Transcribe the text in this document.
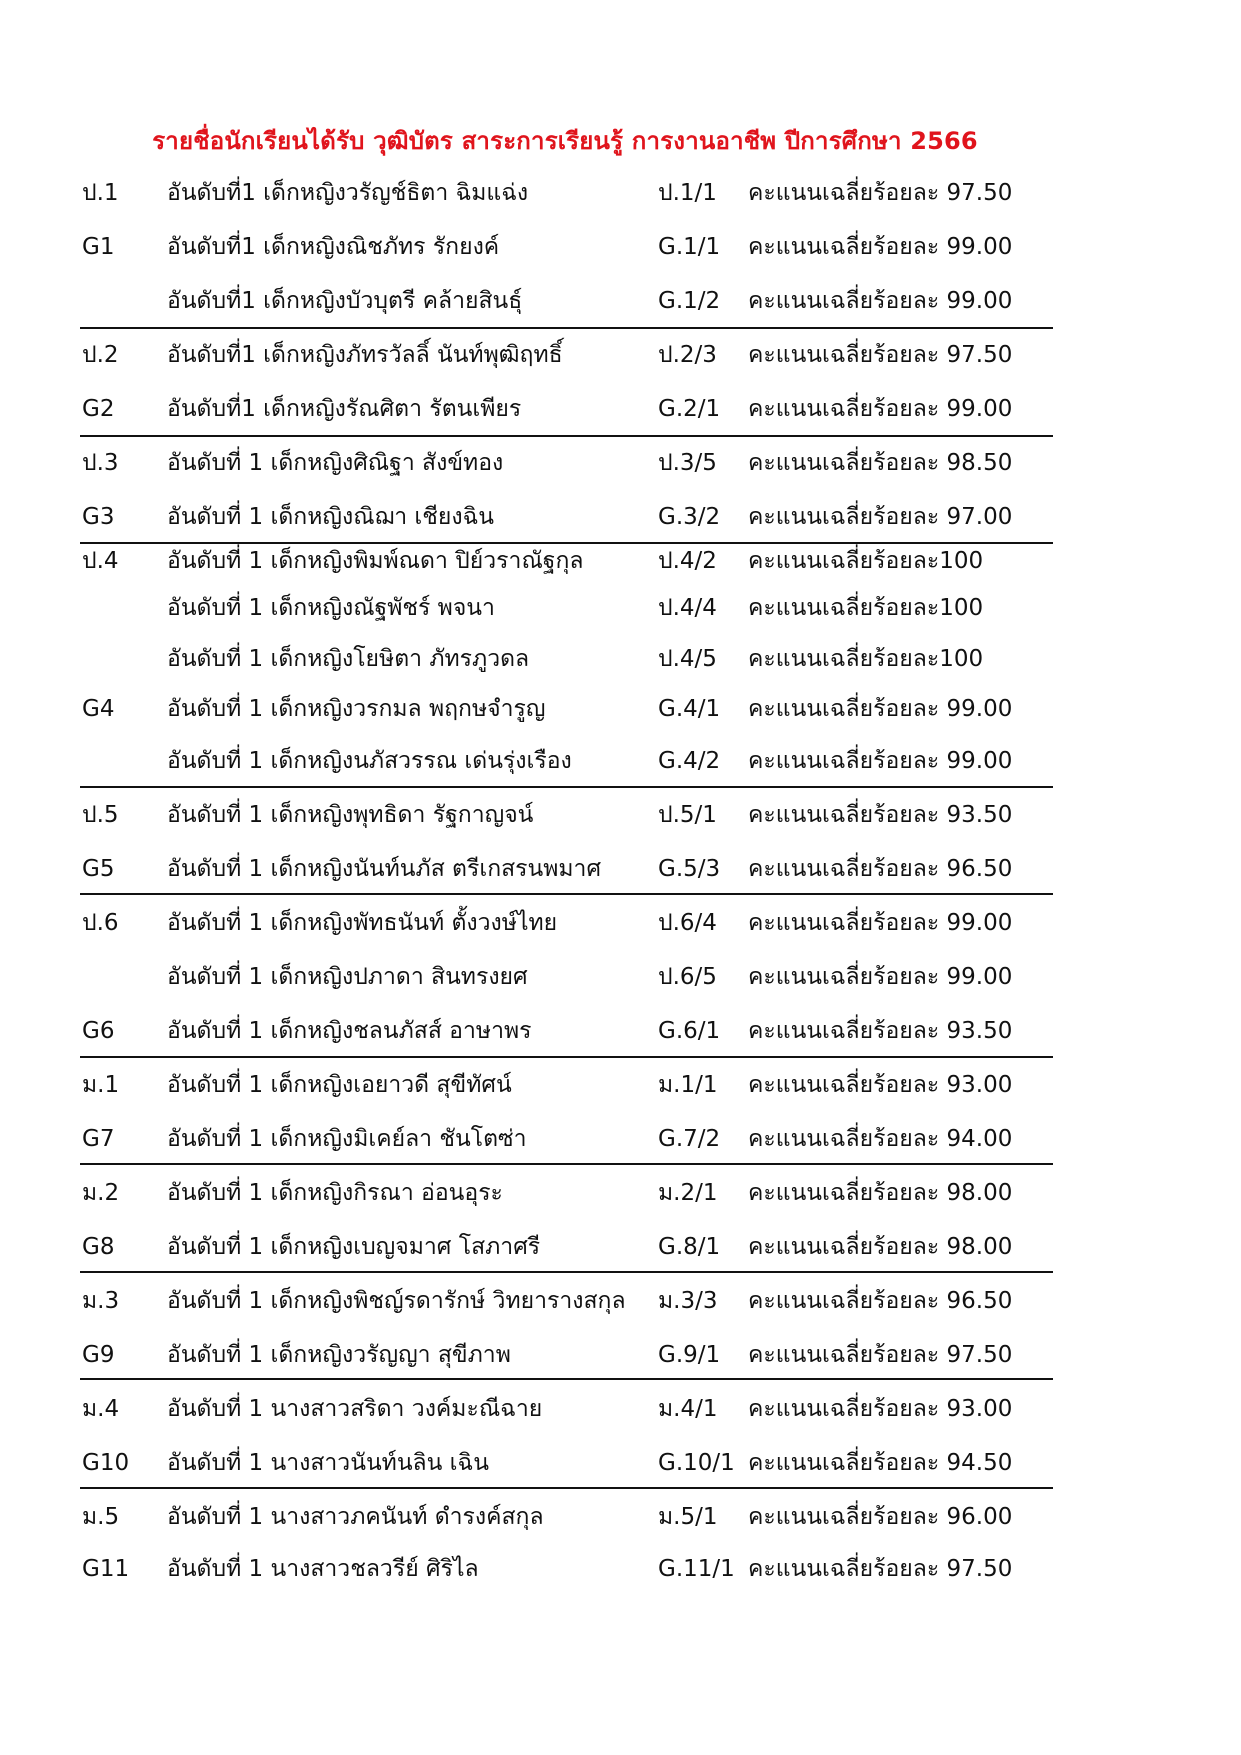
รายชื่อนักเรียนได้รับ วุฒิบัตร สาระการเรียนรู้ การงานอาชีพ ปีการศึกษา 2566
ป.1 อันดับที่1 เด็กหญิงวรัญช์ธิตา ฉิมแฉ่ง	ป.1/1 คะแนนเฉลี่ยร้อยละ 97.50
G1 อันดับที่1 เด็กหญิงณิชภัทร รักยงค์	G.1/1 คะแนนเฉลี่ยร้อยละ 99.00
อันดับที่1 เด็กหญิงบัวบุตรี คล้ายสินธุ์	G.1/2 คะแนนเฉลี่ยร้อยละ 99.00
ป.2 อันดับที่1 เด็กหญิงภัทรวัลลิ์ นันท์พุฒิฤทธิ์	ป.2/3 คะแนนเฉลี่ยร้อยละ 97.50
G2 อันดับที่1 เด็กหญิงรัณศิตา รัตนเพียร	G.2/1 คะแนนเฉลี่ยร้อยละ 99.00
ป.3 อันดับที่ 1 เด็กหญิงศิณิฐา สังข์ทอง	ป.3/5 คะแนนเฉลี่ยร้อยละ 98.50
G3 อันดับที่ 1 เด็กหญิงณิฌา เชียงฉิน	G.3/2 คะแนนเฉลี่ยร้อยละ 97.00
ป.4 อันดับที่ 1 เด็กหญิงพิมพ์ณดา ปิย์วราณัฐกุล	ป.4/2 คะแนนเฉลี่ยร้อยละ100
อันดับที่ 1 เด็กหญิงณัฐพัชร์ พจนา	ป.4/4 คะแนนเฉลี่ยร้อยละ100
อันดับที่ 1 เด็กหญิงโยษิตา ภัทรภูวดล	ป.4/5 คะแนนเฉลี่ยร้อยละ100
G4 อันดับที่ 1 เด็กหญิงวรกมล พฤกษจำรูญ	G.4/1 คะแนนเฉลี่ยร้อยละ 99.00
อันดับที่ 1 เด็กหญิงนภัสวรรณ เด่นรุ่งเรือง	G.4/2 คะแนนเฉลี่ยร้อยละ 99.00
ป.5 อันดับที่ 1 เด็กหญิงพุทธิดา รัฐกาญจน์	ป.5/1 คะแนนเฉลี่ยร้อยละ 93.50
G5 อันดับที่ 1 เด็กหญิงนันท์นภัส ตรีเกสรนพมาศ G.5/3 คะแนนเฉลี่ยร้อยละ 96.50
ป.6 อันดับที่ 1 เด็กหญิงพัทธนันท์ ตั้งวงษ์ไทย	ป.6/4 คะแนนเฉลี่ยร้อยละ 99.00
อันดับที่ 1 เด็กหญิงปภาดา สินทรงยศ	ป.6/5 คะแนนเฉลี่ยร้อยละ 99.00
G6 อันดับที่ 1 เด็กหญิงชลนภัสส์ อาษาพร	G.6/1 คะแนนเฉลี่ยร้อยละ 93.50
ม.1 อันดับที่ 1 เด็กหญิงเอยาวดี สุขีทัศน์	ม.1/1 คะแนนเฉลี่ยร้อยละ 93.00
G7 อันดับที่ 1 เด็กหญิงมิเคย์ลา ชันโตซ่า	G.7/2 คะแนนเฉลี่ยร้อยละ 94.00
ม.2 อันดับที่ 1 เด็กหญิงกิรณา อ่อนอุระ	ม.2/1 คะแนนเฉลี่ยร้อยละ 98.00
G8 อันดับที่ 1 เด็กหญิงเบญจมาศ โสภาศรี	G.8/1 คะแนนเฉลี่ยร้อยละ 98.00
ม.3 อันดับที่ 1 เด็กหญิงพิชญ์รดารักษ์ วิทยารางสกุล ม.3/3 คะแนนเฉลี่ยร้อยละ 96.50
G9 อันดับที่ 1 เด็กหญิงวรัญญา สุขีภาพ	G.9/1 คะแนนเฉลี่ยร้อยละ 97.50
ม.4 อันดับที่ 1 นางสาวสริดา วงค์มะณีฉาย	ม.4/1 คะแนนเฉลี่ยร้อยละ 93.00
G10 อันดับที่ 1 นางสาวนันท์นลิน เฉิน	G.10/1 คะแนนเฉลี่ยร้อยละ 94.50
ม.5 อันดับที่ 1 นางสาวภคนันท์ ดำรงค์สกุล	ม.5/1 คะแนนเฉลี่ยร้อยละ 96.00
G11 อันดับที่ 1 นางสาวชลวรีย์ ศิริไล	G.11/1 คะแนนเฉลี่ยร้อยละ 97.50
